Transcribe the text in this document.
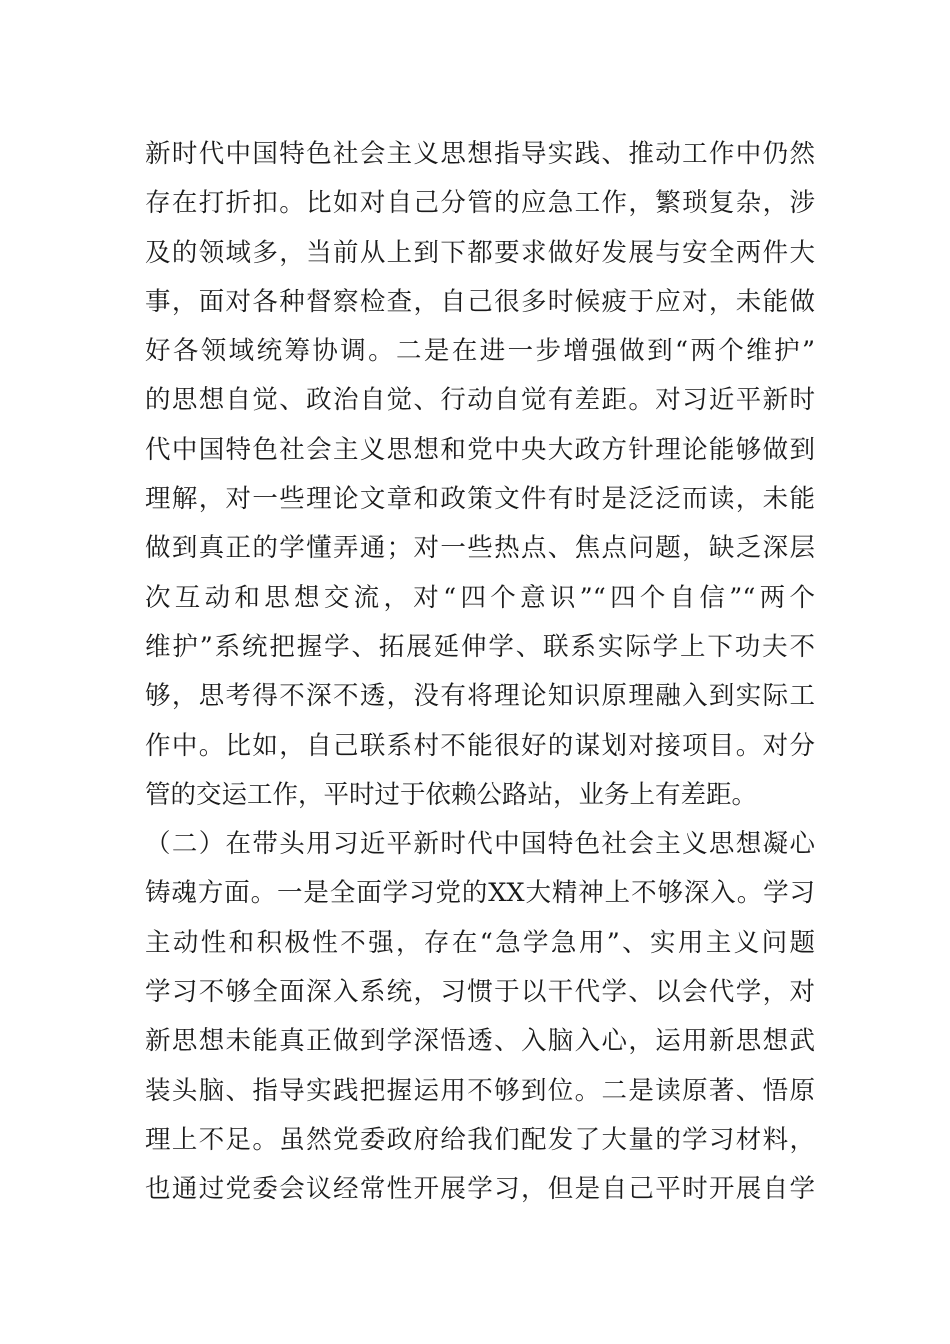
新时代中国特色社会主义思想指导实践、推动工作中仍然
存在打折扣。比如对自己分管的应急工作，繁琐复杂，涉
及的领域多，当前从上到下都要求做好发展与安全两件大
事，面对各种督察检查，自己很多时候疲于应对，未能做
好各领域统筹协调。二是在进一步增强做到“两个维护”
的思想自觉、政治自觉、行动自觉有差距。对习近平新时
代中国特色社会主义思想和党中央大政方针理论能够做到
理解，对一些理论文章和政策文件有时是泛泛而读，未能
做到真正的学懂弄通；对一些热点、焦点问题，缺乏深层
次互动和思想交流，对“四个意识”“四个自信”“两个
维护”系统把握学、拓展延伸学、联系实际学上下功夫不
够，思考得不深不透，没有将理论知识原理融入到实际工
作中。比如，自己联系村不能很好的谋划对接项目。对分
管的交运工作，平时过于依赖公路站，业务上有差距。
（二）在带头用习近平新时代中国特色社会主义思想凝心
铸魂方面。一是全面学习党的XX大精神上不够深入。学习
主动性和积极性不强，存在“急学急用”、实用主义问题
学习不够全面深入系统，习惯于以干代学、以会代学，对
新思想未能真正做到学深悟透、入脑入心，运用新思想武
装头脑、指导实践把握运用不够到位。二是读原著、悟原
理上不足。虽然党委政府给我们配发了大量的学习材料，
也通过党委会议经常性开展学习，但是自己平时开展自学
